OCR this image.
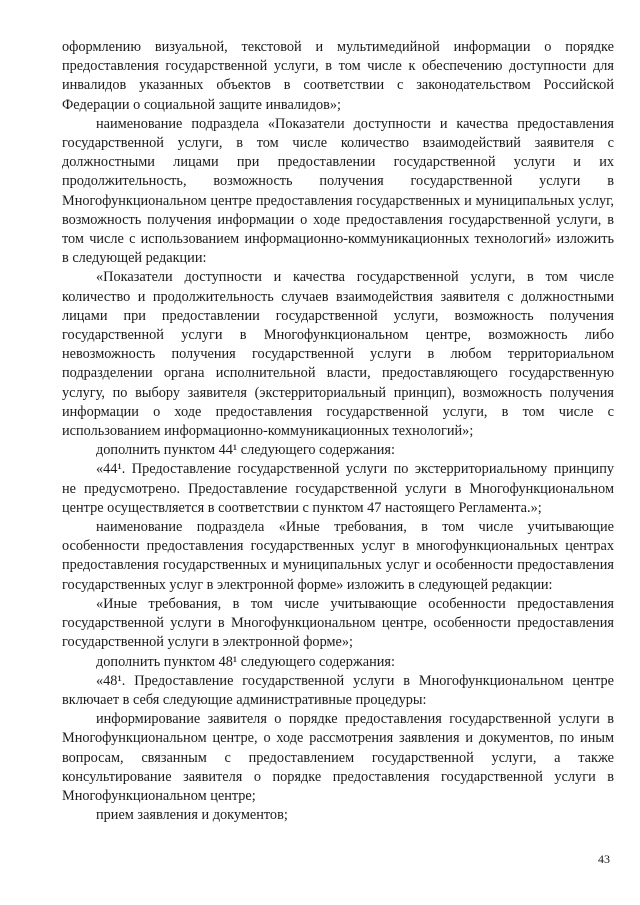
оформлению визуальной, текстовой и мультимедийной информации о порядке предоставления государственной услуги, в том числе к обеспечению доступности для инвалидов указанных объектов в соответствии с законодательством Российской Федерации о социальной защите инвалидов»;

наименование подраздела «Показатели доступности и качества предоставления государственной услуги, в том числе количество взаимодействий заявителя с должностными лицами при предоставлении государственной услуги и их продолжительность, возможность получения государственной услуги в Многофункциональном центре предоставления государственных и муниципальных услуг, возможность получения информации о ходе предоставления государственной услуги, в том числе с использованием информационно-коммуникационных технологий» изложить в следующей редакции:

«Показатели доступности и качества государственной услуги, в том числе количество и продолжительность случаев взаимодействия заявителя с должностными лицами при предоставлении государственной услуги, возможность получения государственной услуги в Многофункциональном центре, возможность либо невозможность получения государственной услуги в любом территориальном подразделении органа исполнительной власти, предоставляющего государственную услугу, по выбору заявителя (экстерриториальный принцип), возможность получения информации о ходе предоставления государственной услуги, в том числе с использованием информационно-коммуникационных технологий»;

дополнить пунктом 44¹ следующего содержания:

«44¹. Предоставление государственной услуги по экстерриториальному принципу не предусмотрено. Предоставление государственной услуги в Многофункциональном центре осуществляется в соответствии с пунктом 47 настоящего Регламента.»;

наименование подраздела «Иные требования, в том числе учитывающие особенности предоставления государственных услуг в многофункциональных центрах предоставления государственных и муниципальных услуг и особенности предоставления государственных услуг в электронной форме» изложить в следующей редакции:

«Иные требования, в том числе учитывающие особенности предоставления государственной услуги в Многофункциональном центре, особенности предоставления государственной услуги в электронной форме»;

дополнить пунктом 48¹ следующего содержания:

«48¹. Предоставление государственной услуги в Многофункциональном центре включает в себя следующие административные процедуры:

информирование заявителя о порядке предоставления государственной услуги в Многофункциональном центре, о ходе рассмотрения заявления и документов, по иным вопросам, связанным с предоставлением государственной услуги, а также консультирование заявителя о порядке предоставления государственной услуги в Многофункциональном центре;

прием заявления и документов;

43
